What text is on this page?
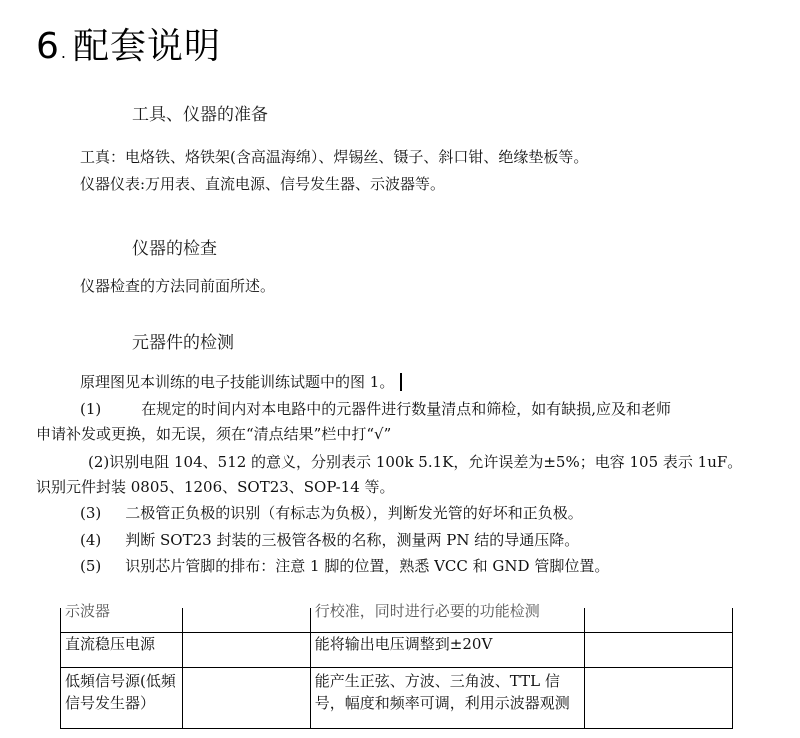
6. 配套说明
工具、仪器的准备
工真：电烙铁、烙铁架(含高温海绵）、焊锡丝、镊子、斜口钳、绝缘垫板等。
仪器仪表:万用表、直流电源、信号发生器、示波器等。
仪器的检查
仪器检查的方法同前面所述。
元器件的检测
原理图见本训练的电子技能训练试题中的图 1。
(1)	在规定的时间内对本电路中的元器件进行数量清点和筛检，如有缺损,应及和老师
申请补发或更换，如无误，须在“清点结果”栏中打“√”
(2)识别电阻 104、512 的意义，分别表示 100k 5.1K，允许误差为±5%；电容 105 表示 1uF。
识别元件封装 0805、1206、SOT23、SOP-14 等。
(3) 二极管正负极的识别（有标志为负极），判断发光管的好坏和正负极。
(4) 判断 SOT23 封装的三极管各极的名称，测量两 PN 结的导通压降。
(5) 识别芯片管脚的排布：注意 1 脚的位置，熟悉 VCC 和 GND 管脚位置。
示波器		行校准，同时进行必要的功能检测	
直流稳压电源		能将输出电压调整到±20V	
低頻信号源(低頻信号发生器）		能产生正弦、方波、三角波、TTL 信号，幅度和频率可调，利用示波器观测	
